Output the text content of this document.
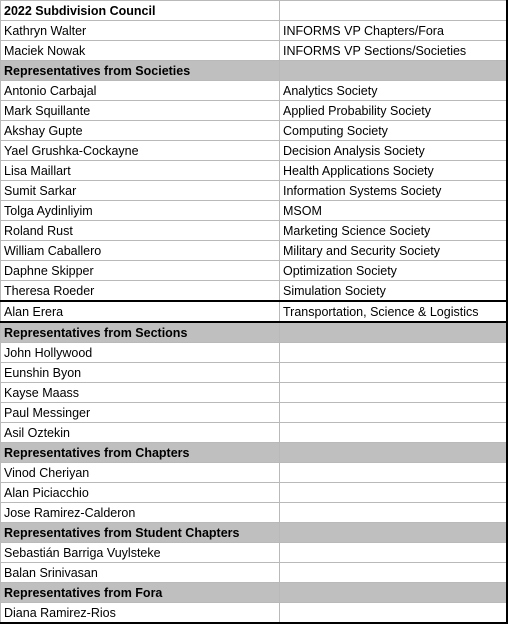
2022 Subdivision Council	
Kathryn Walter	INFORMS VP Chapters/Fora
Maciek Nowak	INFORMS VP Sections/Societies
Representatives from Societies	
Antonio Carbajal	Analytics Society
Mark Squillante	Applied Probability Society
Akshay Gupte	Computing Society
Yael Grushka-Cockayne	Decision Analysis Society
Lisa Maillart	Health Applications Society
Sumit Sarkar	Information Systems Society
Tolga Aydinliyim	MSOM
Roland Rust	Marketing Science Society
William Caballero	Military and Security Society
Daphne Skipper	Optimization Society
Theresa Roeder	Simulation Society
Alan Erera	Transportation, Science & Logistics
Representatives from Sections	
John Hollywood	
Eunshin Byon	
Kayse Maass	
Paul Messinger	
Asil Oztekin	
Representatives from Chapters	
Vinod Cheriyan	
Alan Piciacchio	
Jose Ramirez-Calderon	
Representatives from Student Chapters	
Sebastián Barriga Vuylsteke	
Balan Srinivasan	
Representatives from Fora	
Diana Ramirez-Rios	
